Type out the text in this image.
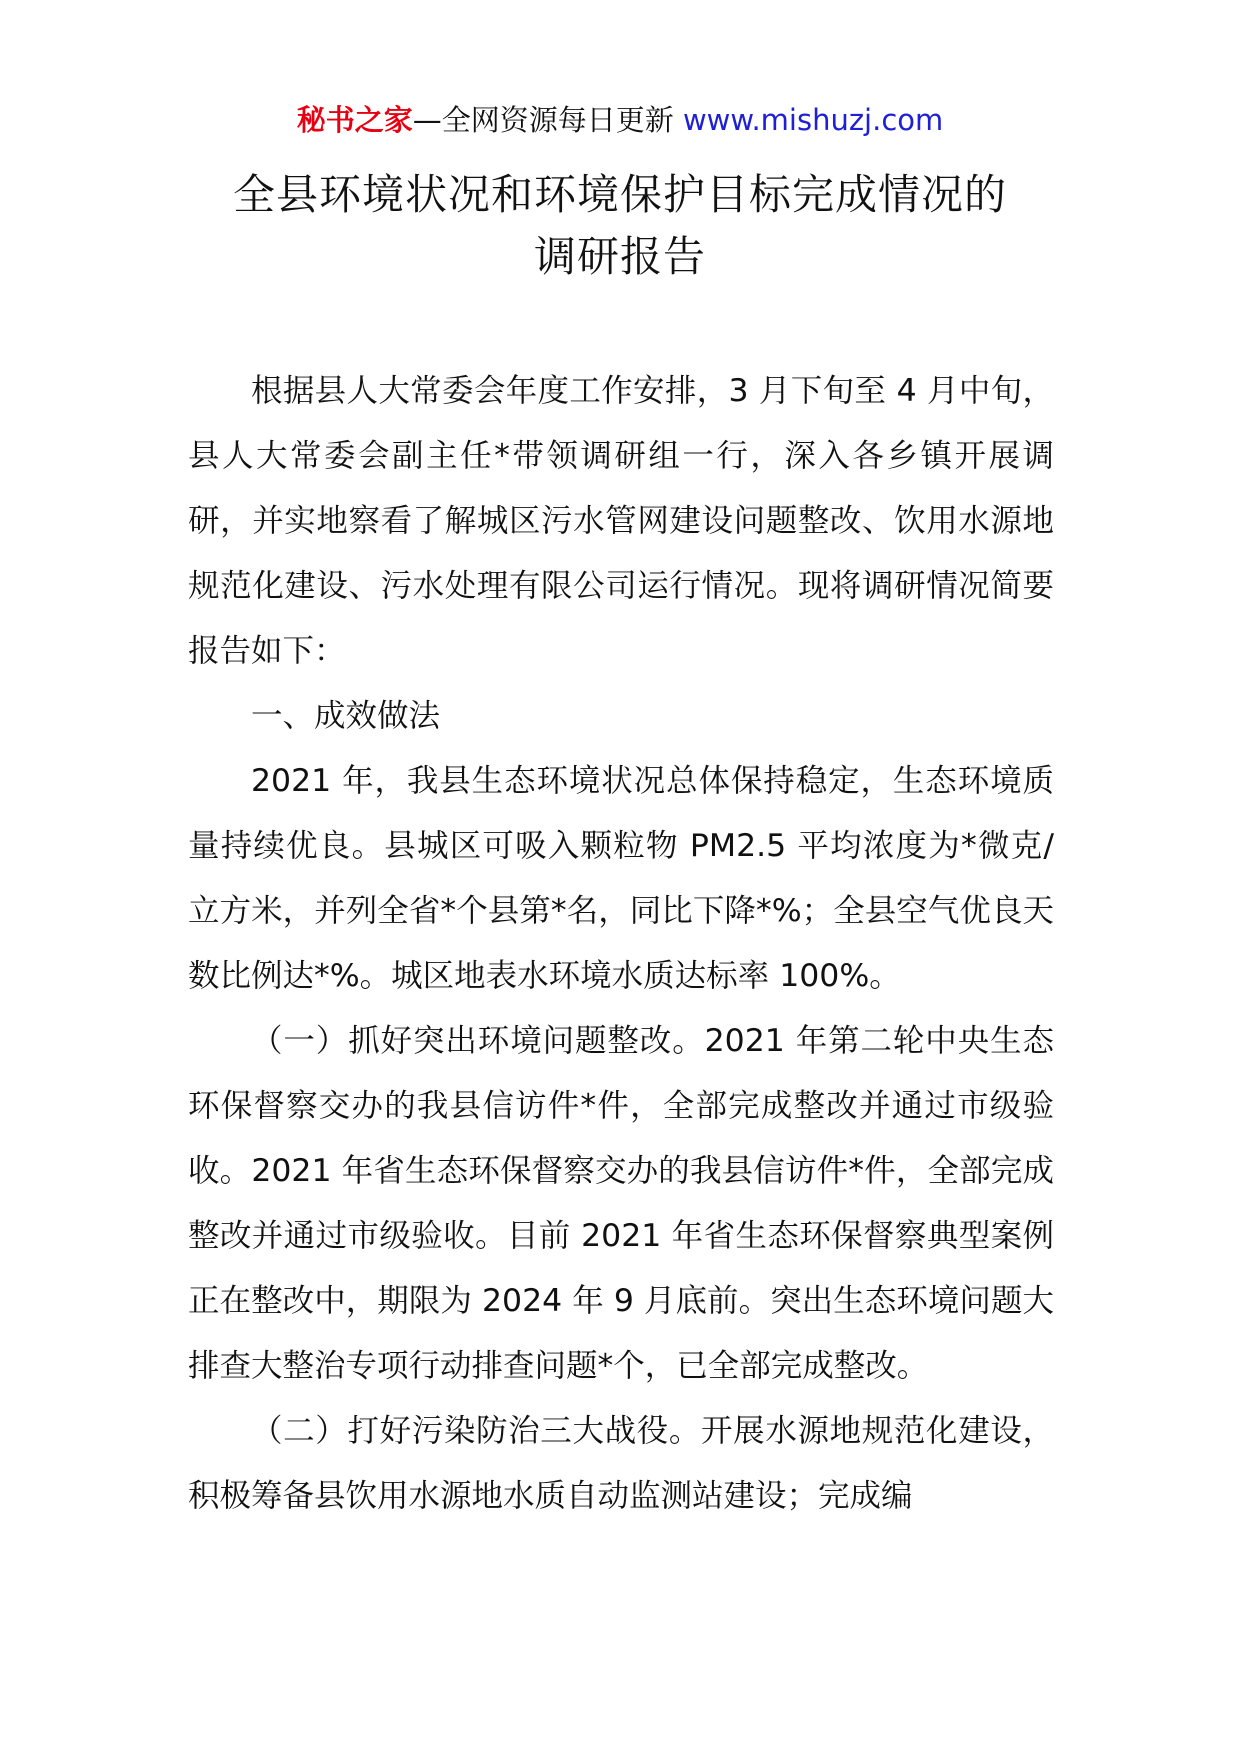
秘书之家—全网资源每日更新 www.mishuzj.com
全县环境状况和环境保护目标完成情况的
调研报告

根据县人大常委会年度工作安排，3 月下旬至 4 月中旬，县人大常委会副主任*带领调研组一行，深入各乡镇开展调研，并实地察看了解城区污水管网建设问题整改、饮用水源地规范化建设、污水处理有限公司运行情况。现将调研情况简要报告如下：

一、成效做法

2021 年，我县生态环境状况总体保持稳定，生态环境质量持续优良。县城区可吸入颗粒物 PM2.5 平均浓度为*微克/立方米，并列全省*个县第*名，同比下降*%；全县空气优良天数比例达*%。城区地表水环境水质达标率 100%。

（一）抓好突出环境问题整改。2021 年第二轮中央生态环保督察交办的我县信访件*件，全部完成整改并通过市级验收。2021 年省生态环保督察交办的我县信访件*件，全部完成整改并通过市级验收。目前 2021 年省生态环保督察典型案例正在整改中，期限为 2024 年 9 月底前。突出生态环境问题大排查大整治专项行动排查问题*个，已全部完成整改。

（二）打好污染防治三大战役。开展水源地规范化建设，积极筹备县饮用水源地水质自动监测站建设；完成编
